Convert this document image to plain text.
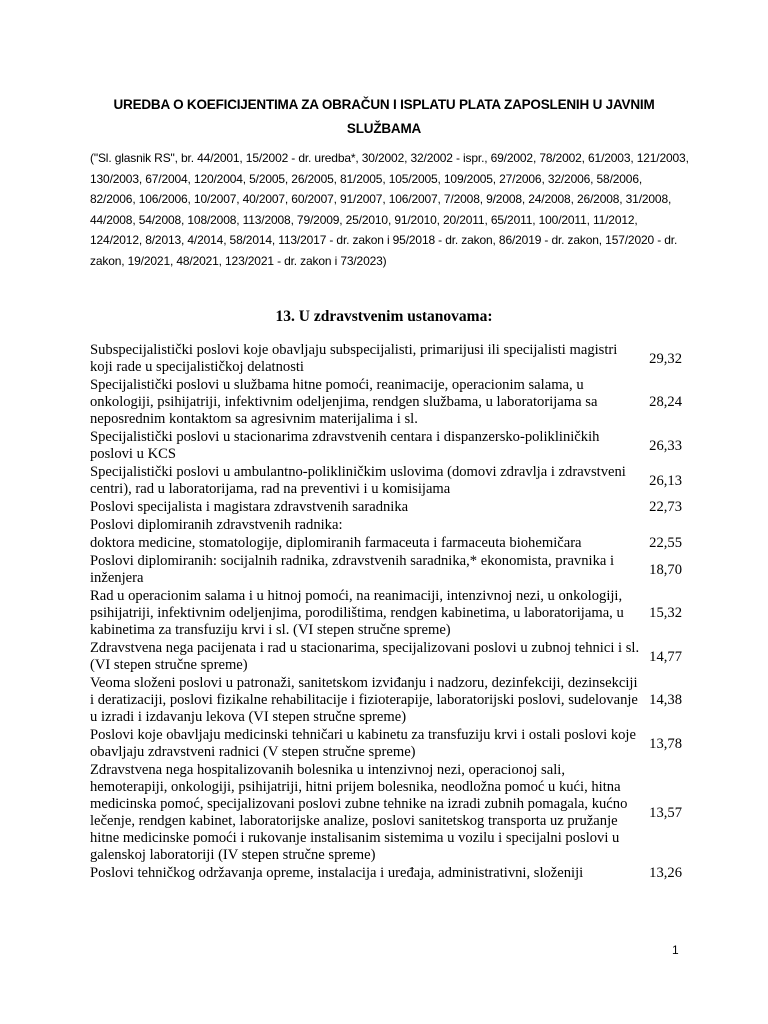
UREDBA O KOEFICIJENTIMA ZA OBRAČUN I ISPLATU PLATA ZAPOSLENIH U JAVNIM SLUŽBAMA
("Sl. glasnik RS", br. 44/2001, 15/2002 - dr. uredba*, 30/2002, 32/2002 - ispr., 69/2002, 78/2002, 61/2003, 121/2003, 130/2003, 67/2004, 120/2004, 5/2005, 26/2005, 81/2005, 105/2005, 109/2005, 27/2006, 32/2006, 58/2006, 82/2006, 106/2006, 10/2007, 40/2007, 60/2007, 91/2007, 106/2007, 7/2008, 9/2008, 24/2008, 26/2008, 31/2008, 44/2008, 54/2008, 108/2008, 113/2008, 79/2009, 25/2010, 91/2010, 20/2011, 65/2011, 100/2011, 11/2012, 124/2012, 8/2013, 4/2014, 58/2014, 113/2017 - dr. zakon i 95/2018 - dr. zakon, 86/2019 - dr. zakon, 157/2020 - dr. zakon, 19/2021, 48/2021, 123/2021 - dr. zakon i 73/2023)
13. U zdravstvenim ustanovama:
Subspecijalistički poslovi koje obavljaju subspecijalisti, primarijusi ili specijalisti magistri koji rade u specijalističkoj delatnosti	29,32
Specijalistički poslovi u službama hitne pomoći, reanimacije, operacionim salama, u onkologiji, psihijatriji, infektivnim odeljenjima, rendgen službama, u laboratorijama sa neposrednim kontaktom sa agresivnim materijalima i sl.	28,24
Specijalistički poslovi u stacionarima zdravstvenih centara i dispanzersko-polikliničkih poslovi u KCS	26,33
Specijalistički poslovi u ambulantno-polikliničkim uslovima (domovi zdravlja i zdravstveni centri), rad u laboratorijama, rad na preventivi i u komisijama	26,13
Poslovi specijalista i magistara zdravstvenih saradnika	22,73
Poslovi diplomiranih zdravstvenih radnika:	
doktora medicine, stomatologije, diplomiranih farmaceuta i farmaceuta biohemičara	22,55
Poslovi diplomiranih: socijalnih radnika, zdravstvenih saradnika,* ekonomista, pravnika i inženjera	18,70
Rad u operacionim salama i u hitnoj pomoći, na reanimaciji, intenzivnoj nezi, u onkologiji, psihijatriji, infektivnim odeljenjima, porodilištima, rendgen kabinetima, u laboratorijama, u kabinetima za transfuziju krvi i sl. (VI stepen stručne spreme)	15,32
Zdravstvena nega pacijenata i rad u stacionarima, specijalizovani poslovi u zubnoj tehnici i sl. (VI stepen stručne spreme)	14,77
Veoma složeni poslovi u patronaži, sanitetskom izviđanju i nadzoru, dezinfekciji, dezinsekciji i deratizaciji, poslovi fizikalne rehabilitacije i fizioterapije, laboratorijski poslovi, sudelovanje u izradi i izdavanju lekova (VI stepen stručne spreme)	14,38
Poslovi koje obavljaju medicinski tehničari u kabinetu za transfuziju krvi i ostali poslovi koje obavljaju zdravstveni radnici (V stepen stručne spreme)	13,78
Zdravstvena nega hospitalizovanih bolesnika u intenzivnoj nezi, operacionoj sali, hemoterapiji, onkologiji, psihijatriji, hitni prijem bolesnika, neodložna pomoć u kući, hitna medicinska pomoć, specijalizovani poslovi zubne tehnike na izradi zubnih pomagala, kućno lečenje, rendgen kabinet, laboratorijske analize, poslovi sanitetskog transporta uz pružanje hitne medicinske pomoći i rukovanje instalisanim sistemima u vozilu i specijalni poslovi u galenskoj laboratoriji (IV stepen stručne spreme)	13,57
Poslovi tehničkog održavanja opreme, instalacija i uređaja, administrativni, složeniji	13,26
1
